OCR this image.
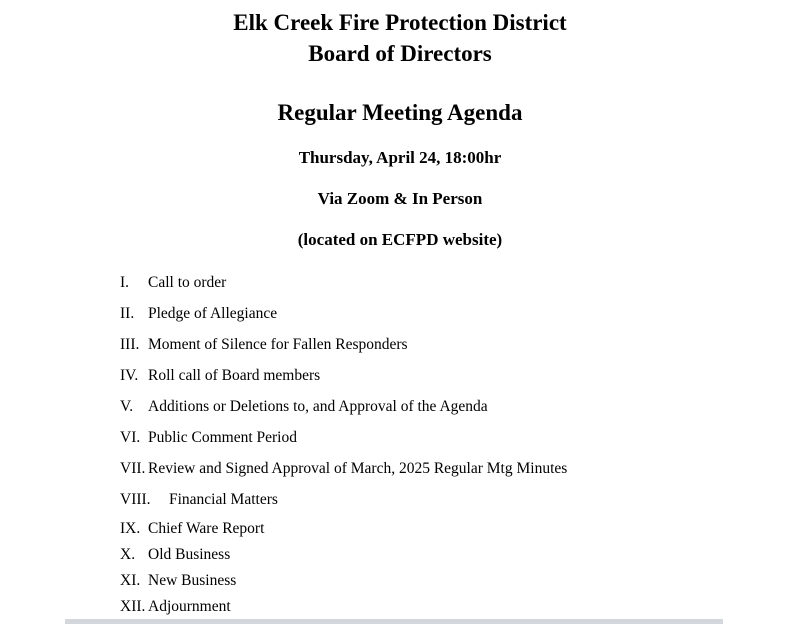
Elk Creek Fire Protection District
Board of Directors
Regular Meeting Agenda

Thursday, April 24, 18:00hr

Via Zoom & In Person

(located on ECFPD website)

I.	Call to order
II. Pledge of Allegiance
III. Moment of Silence for Fallen Responders
IV. Roll call of Board members
V. Additions or Deletions to, and Approval of the Agenda
VI. Public Comment Period
VII. Review and Signed Approval of March, 2025 Regular Mtg Minutes
VIII.	Financial Matters
IX. Chief Ware Report
X. Old Business
XI. New Business
XII. Adjournment
